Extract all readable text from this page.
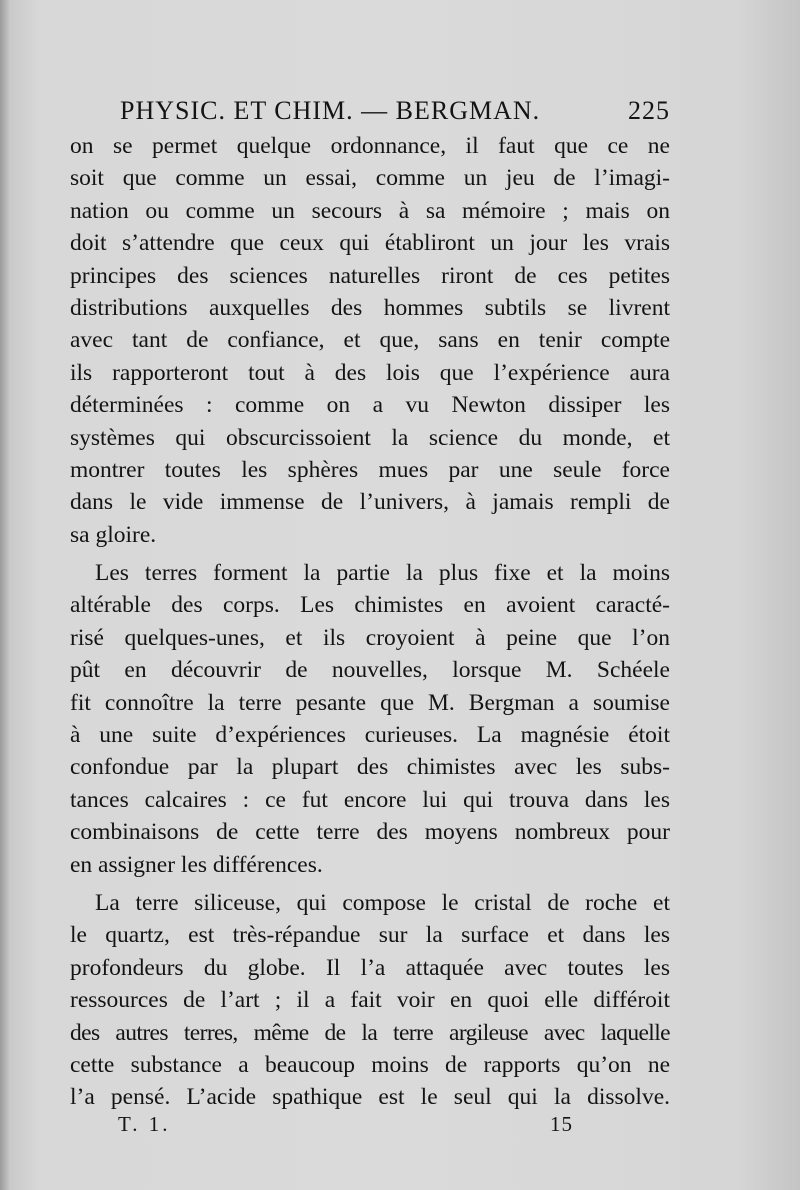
PHYSIC. ET CHIM. — BERGMAN.	225
on se permet quelque ordonnance, il faut que ce ne
soit que comme un essai, comme un jeu de l’imagi-
nation ou comme un secours à sa mémoire ; mais on
doit s’attendre que ceux qui établiront un jour les vrais
principes des sciences naturelles riront de ces petites
distributions auxquelles des hommes subtils se livrent
avec tant de confiance, et que, sans en tenir compte
ils rapporteront tout à des lois que l’expérience aura
déterminées : comme on a vu Newton dissiper les
systèmes qui obscurcissoient la science du monde, et
montrer toutes les sphères mues par une seule force
dans le vide immense de l’univers, à jamais rempli de
sa gloire.
Les terres forment la partie la plus fixe et la moins
altérable des corps. Les chimistes en avoient caracté-
risé quelques-unes, et ils croyoient à peine que l’on
pût en découvrir de nouvelles, lorsque M. Schéele
fit connoître la terre pesante que M. Bergman a soumise
à une suite d’expériences curieuses. La magnésie étoit
confondue par la plupart des chimistes avec les subs-
tances calcaires : ce fut encore lui qui trouva dans les
combinaisons de cette terre des moyens nombreux pour
en assigner les différences.
La terre siliceuse, qui compose le cristal de roche et
le quartz, est très-répandue sur la surface et dans les
profondeurs du globe. Il l’a attaquée avec toutes les
ressources de l’art ; il a fait voir en quoi elle différoit
des autres terres, même de la terre argileuse avec laquelle
cette substance a beaucoup moins de rapports qu’on ne
l’a pensé. L’acide spathique est le seul qui la dissolve.
T. 1.	15
